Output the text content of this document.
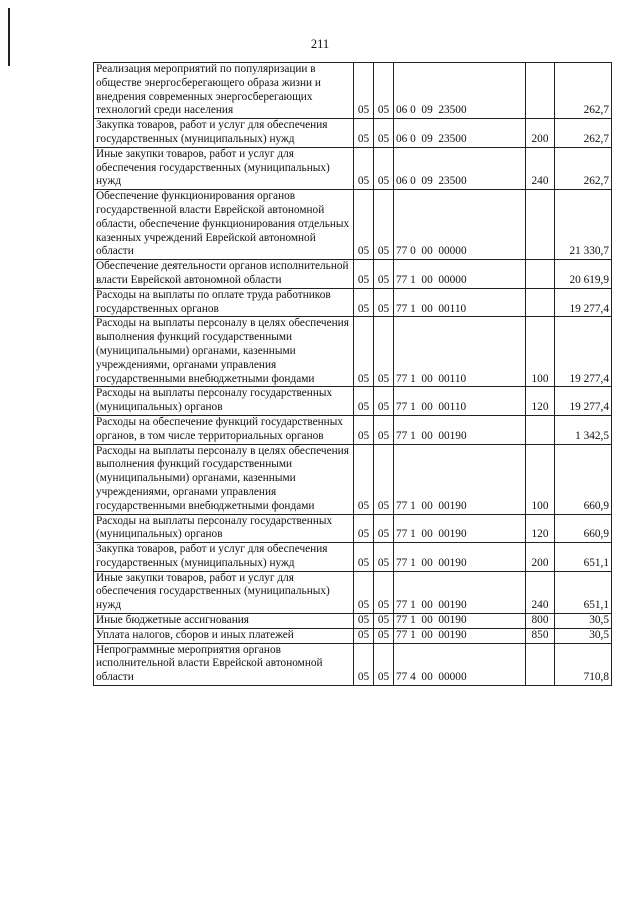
211
Реализация мероприятий по популяризации в обществе энергосберегающего образа жизни и внедрения современных энергосберегающих технологий среди населения	05	05	06 0  09  23500		262,7
Закупка товаров, работ и услуг для обеспечения государственных (муниципальных) нужд	05	05	06 0  09  23500	200	262,7
Иные закупки товаров, работ и услуг для обеспечения государственных (муниципальных) нужд	05	05	06 0  09  23500	240	262,7
Обеспечение функционирования органов государственной власти Еврейской автономной области, обеспечение функционирования отдельных казенных учреждений Еврейской автономной области	05	05	77 0  00  00000		21 330,7
Обеспечение деятельности органов исполнительной власти Еврейской автономной области	05	05	77 1  00  00000		20 619,9
Расходы на выплаты по оплате труда работников государственных органов	05	05	77 1  00  00110		19 277,4
Расходы на выплаты персоналу в целях обеспечения выполнения функций государственными (муниципальными) органами, казенными учреждениями, органами управления государственными внебюджетными фондами	05	05	77 1  00  00110	100	19 277,4
Расходы на выплаты персоналу государственных (муниципальных) органов	05	05	77 1  00  00110	120	19 277,4
Расходы на обеспечение функций государственных органов, в том числе территориальных органов	05	05	77 1  00  00190		1 342,5
Расходы на выплаты персоналу в целях обеспечения выполнения функций государственными (муниципальными) органами, казенными учреждениями, органами управления государственными внебюджетными фондами	05	05	77 1  00  00190	100	660,9
Расходы на выплаты персоналу государственных (муниципальных) органов	05	05	77 1  00  00190	120	660,9
Закупка товаров, работ и услуг для обеспечения государственных (муниципальных) нужд	05	05	77 1  00  00190	200	651,1
Иные закупки товаров, работ и услуг для обеспечения государственных (муниципальных) нужд	05	05	77 1  00  00190	240	651,1
Иные бюджетные ассигнования	05	05	77 1  00  00190	800	30,5
Уплата налогов, сборов и иных платежей	05	05	77 1  00  00190	850	30,5
Непрограммные мероприятия органов исполнительной власти Еврейской автономной области	05	05	77 4  00  00000		710,8
